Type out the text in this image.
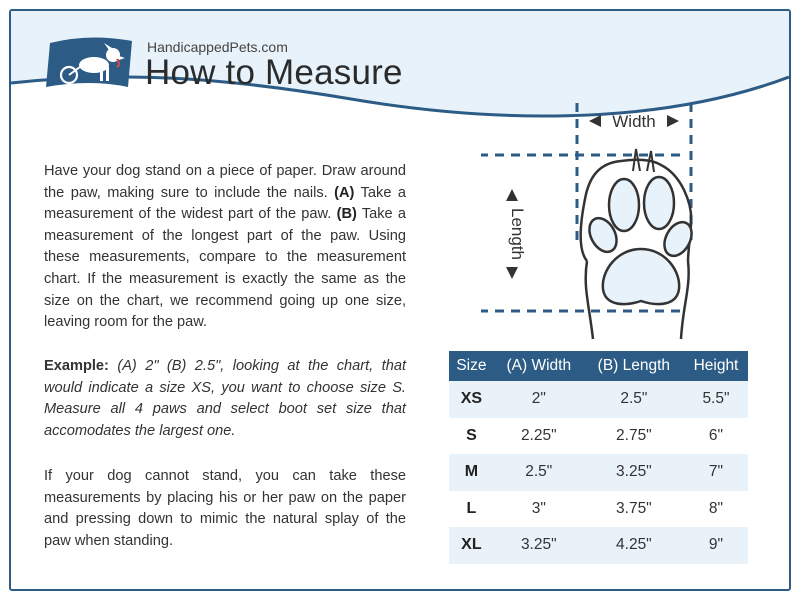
HandicappedPets.com
How to Measure

Have your dog stand on a piece of paper. Draw around the paw, making sure to include the nails. (A) Take a measurement of the widest part of the paw. (B) Take a measurement of the longest part of the paw. Using these measurements, compare to the measurement chart. If the measurement is exactly the same as the size on the chart, we recommend going up one size, leaving room for the paw.

Example: (A) 2" (B) 2.5", looking at the chart, that would indicate a size XS, you want to choose size S. Measure all 4 paws and select boot set size that accomodates the largest one.

If your dog cannot stand, you can take these measurements by placing his or her paw on the paper and pressing down to mimic the natural splay of the paw when standing.

Width
Length
Size	(A) Width	(B) Length	Height
XS	2"	2.5"	5.5"
S	2.25"	2.75"	6"
M	2.5"	3.25"	7"
L	3"	3.75"	8"
XL	3.25"	4.25"	9"
